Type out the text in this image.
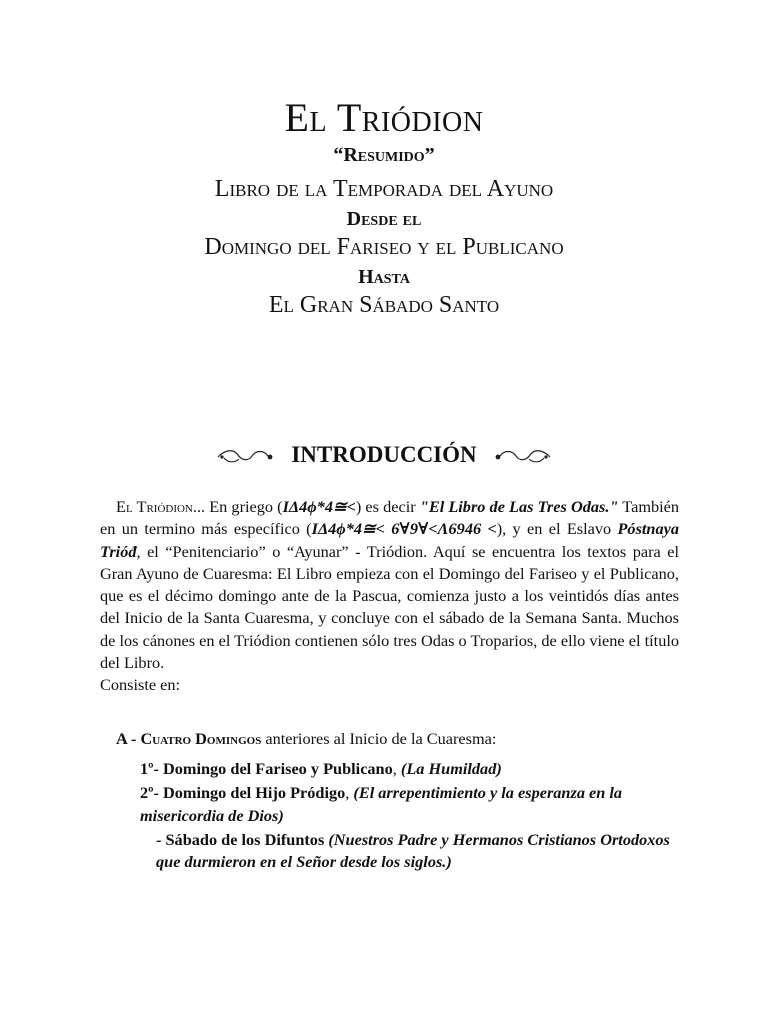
El Triódion

“Resumido”

Libro de la Temporada del Ayuno

Desde el

Domingo del Fariseo y el Publicano

Hasta

El Gran Sábado Santo

INTRODUCCIÓN

El Triódion... En griego (IΔ4ϕ*4≅<) es decir "El Libro de Las Tres Odas." También en un termino más específico (IΔ4ϕ*4≅< 6∀9∀<Λ6946 <), y en el Eslavo Póstnaya Trióđ, el “Penitenciario” o “Ayunar” - Triódion. Aquí se encuentra los textos para el Gran Ayuno de Cuaresma: El Libro empieza con el Domingo del Fariseo y el Publicano, que es el décimo domingo ante de la Pascua, comienza justo a los veintidós días antes del Inicio de la Santa Cuaresma, y concluye con el sábado de la Semana Santa. Muchos de los cánones en el Triódion contienen sólo tres Odas o Troparios, de ello viene el título del Libro.

Consiste en:

A - Cuatro Domingos anteriores al Inicio de la Cuaresma:
1º- Domingo del Fariseo y Publicano, (La Humildad)
2º- Domingo del Hijo Pródigo, (El arrepentimiento y la esperanza en la misericordia de Dios)
- Sábado de los Difuntos (Nuestros Padre y Hermanos Cristianos Ortodoxos que durmieron en el Señor desde los siglos.)
